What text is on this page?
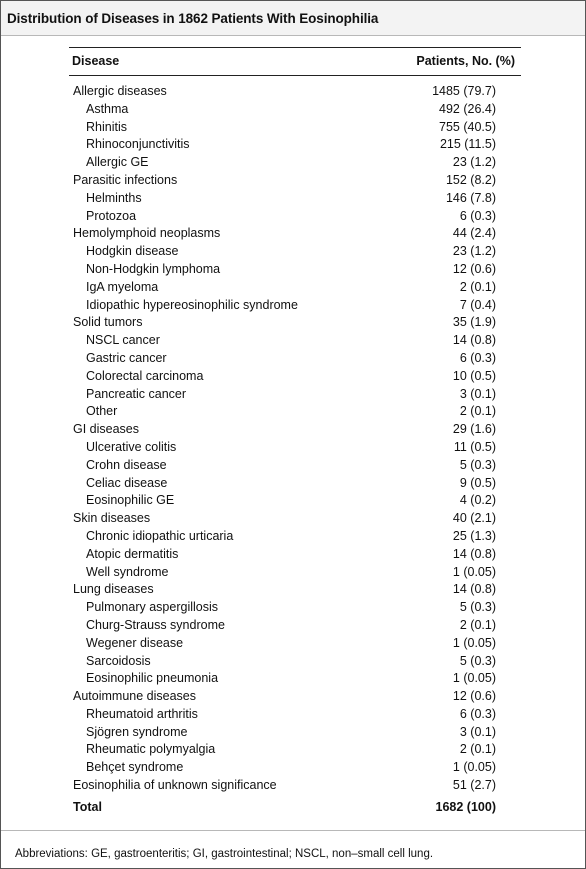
Distribution of Diseases in 1862 Patients With Eosinophilia
Disease	Patients, No. (%)
Allergic diseases	1485 (79.7)
Asthma	492 (26.4)
Rhinitis	755 (40.5)
Rhinoconjunctivitis	215 (11.5)
Allergic GE	23 (1.2)
Parasitic infections	152 (8.2)
Helminths	146 (7.8)
Protozoa	6 (0.3)
Hemolymphoid neoplasms	44 (2.4)
Hodgkin disease	23 (1.2)
Non-Hodgkin lymphoma	12 (0.6)
IgA myeloma	2 (0.1)
Idiopathic hypereosinophilic syndrome	7 (0.4)
Solid tumors	35 (1.9)
NSCL cancer	14 (0.8)
Gastric cancer	6 (0.3)
Colorectal carcinoma	10 (0.5)
Pancreatic cancer	3 (0.1)
Other	2 (0.1)
GI diseases	29 (1.6)
Ulcerative colitis	11 (0.5)
Crohn disease	5 (0.3)
Celiac disease	9 (0.5)
Eosinophilic GE	4 (0.2)
Skin diseases	40 (2.1)
Chronic idiopathic urticaria	25 (1.3)
Atopic dermatitis	14 (0.8)
Well syndrome	1 (0.05)
Lung diseases	14 (0.8)
Pulmonary aspergillosis	5 (0.3)
Churg-Strauss syndrome	2 (0.1)
Wegener disease	1 (0.05)
Sarcoidosis	5 (0.3)
Eosinophilic pneumonia	1 (0.05)
Autoimmune diseases	12 (0.6)
Rheumatoid arthritis	6 (0.3)
Sjögren syndrome	3 (0.1)
Rheumatic polymyalgia	2 (0.1)
Behçet syndrome	1 (0.05)
Eosinophilia of unknown significance	51 (2.7)
Total	1682 (100)
Abbreviations: GE, gastroenteritis; GI, gastrointestinal; NSCL, non–small cell lung.
